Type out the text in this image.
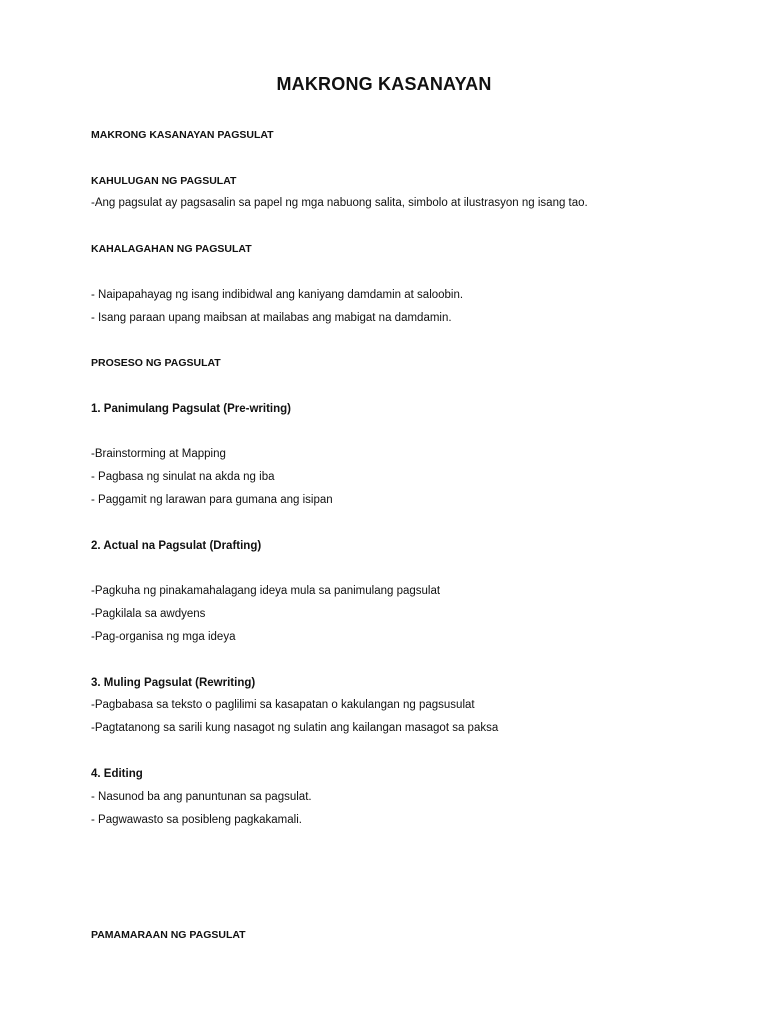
MAKRONG KASANAYAN
MAKRONG KASANAYAN PAGSULAT
KAHULUGAN NG PAGSULAT
-Ang pagsulat ay pagsasalin sa papel ng mga nabuong salita, simbolo at ilustrasyon ng isang tao.
KAHALAGAHAN NG PAGSULAT
- Naipapahayag ng isang indibidwal ang kaniyang damdamin at saloobin.
- Isang paraan upang maibsan at mailabas ang mabigat na damdamin.
PROSESO NG PAGSULAT
1. Panimulang Pagsulat (Pre-writing)
-Brainstorming at Mapping
- Pagbasa ng sinulat na akda ng iba
- Paggamit ng larawan para gumana ang isipan
2. Actual na Pagsulat (Drafting)
-Pagkuha ng pinakamahalagang ideya mula sa panimulang pagsulat
-Pagkilala sa awdyens
-Pag-organisa ng mga ideya
3. Muling Pagsulat (Rewriting)
-Pagbabasa sa teksto o paglilimi sa kasapatan o kakulangan ng pagsusulat
-Pagtatanong sa sarili kung nasagot ng sulatin ang kailangan masagot sa paksa
4. Editing
- Nasunod ba ang panuntunan sa pagsulat.
- Pagwawasto sa posibleng pagkakamali.
PAMAMARAAN NG PAGSULAT
